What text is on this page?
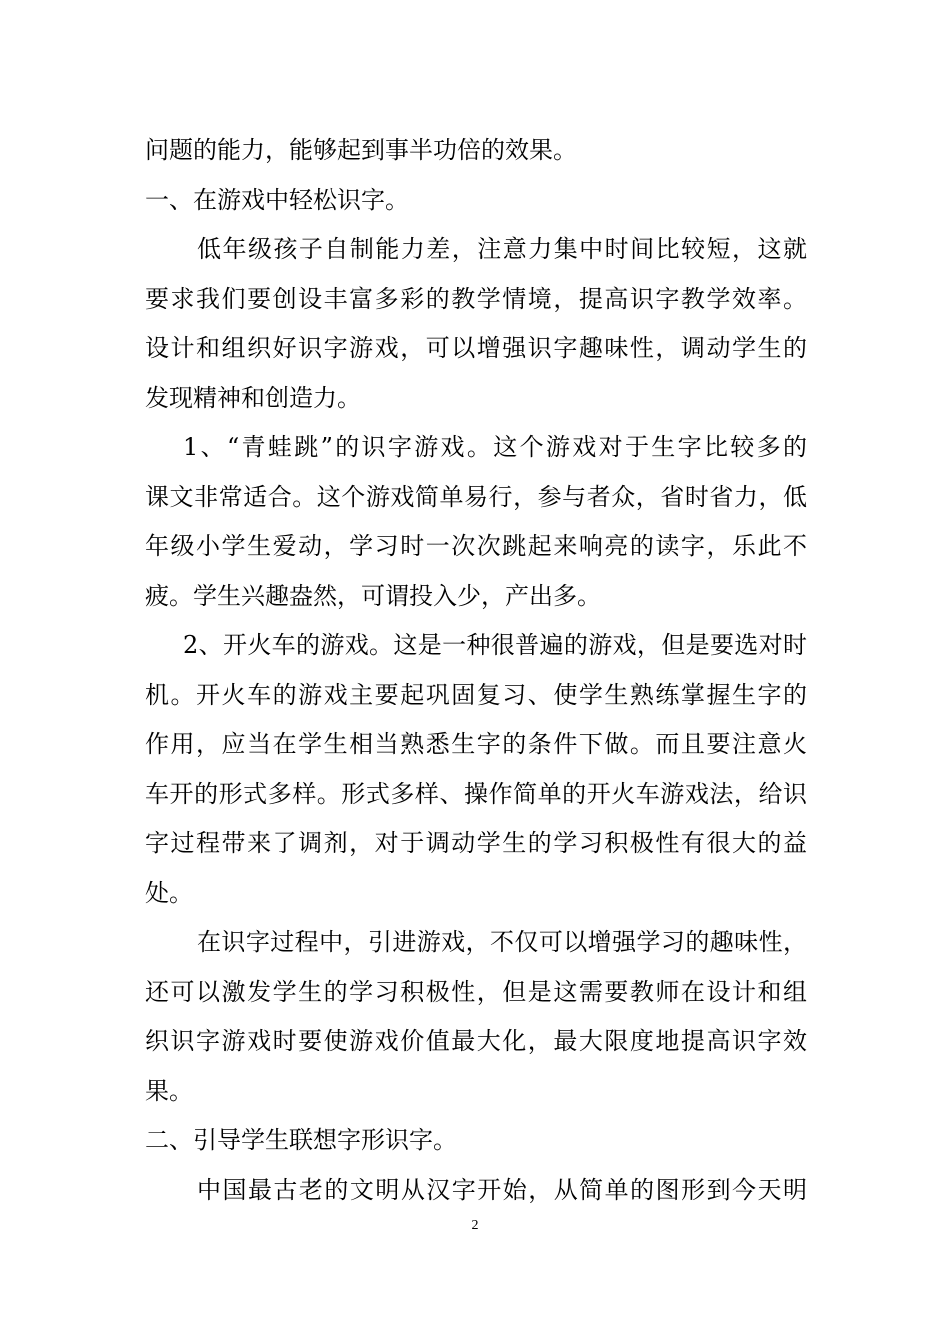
问题的能力，能够起到事半功倍的效果。
一、在游戏中轻松识字。
低年级孩子自制能力差，注意力集中时间比较短，这就
要求我们要创设丰富多彩的教学情境，提高识字教学效率。
设计和组织好识字游戏，可以增强识字趣味性，调动学生的
发现精神和创造力。
1、“青蛙跳”的识字游戏。这个游戏对于生字比较多的
课文非常适合。这个游戏简单易行，参与者众，省时省力，低
年级小学生爱动，学习时一次次跳起来响亮的读字，乐此不
疲。学生兴趣盎然，可谓投入少，产出多。
2、开火车的游戏。这是一种很普遍的游戏，但是要选对时
机。开火车的游戏主要起巩固复习、使学生熟练掌握生字的
作用，应当在学生相当熟悉生字的条件下做。而且要注意火
车开的形式多样。形式多样、操作简单的开火车游戏法，给识
字过程带来了调剂，对于调动学生的学习积极性有很大的益
处。
在识字过程中，引进游戏，不仅可以增强学习的趣味性，
还可以激发学生的学习积极性，但是这需要教师在设计和组
织识字游戏时要使游戏价值最大化，最大限度地提高识字效
果。
二、引导学生联想字形识字。
中国最古老的文明从汉字开始，从简单的图形到今天明
2
